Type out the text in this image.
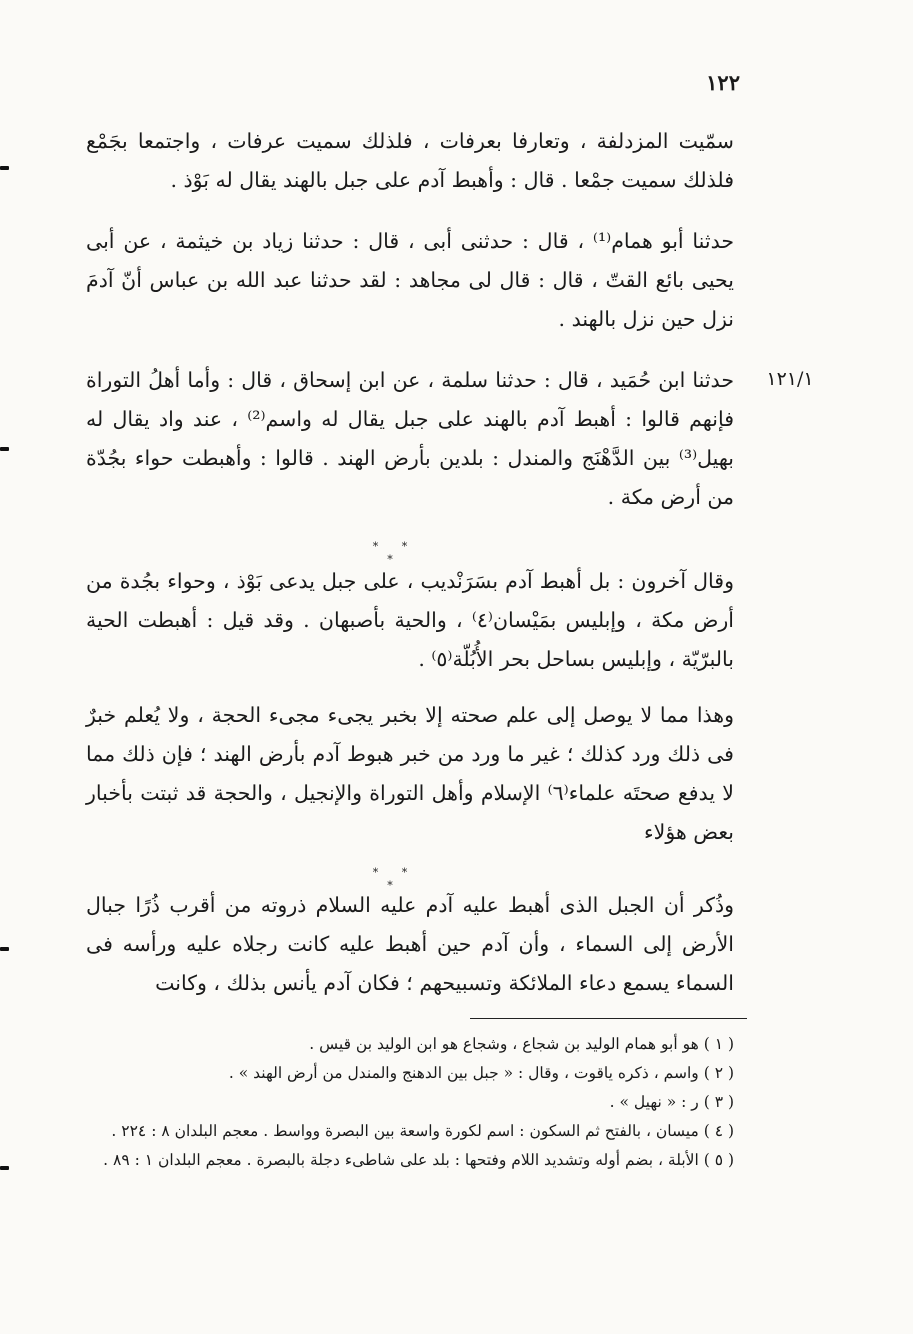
١٢٢
سمّيت المزدلفة ، وتعارفا بعرفات ، فلذلك سميت عرفات ، واجتمعا بجَمْع فلذلك سميت جمْعا . قال : وأهبط آدم على جبل بالهند يقال له بَوْذ .
حدثنا أبو همام⁽¹⁾ ، قال : حدثنى أبى ، قال : حدثنا زياد بن خيثمة ، عن أبى يحيى بائع القتّ ، قال : قال لى مجاهد : لقد حدثنا عبد الله بن عباس أنّ آدمَ نزل حين نزل بالهند .
١٢١/١
حدثنا ابن حُمَيد ، قال : حدثنا سلمة ، عن ابن إسحاق ، قال : وأما أهلُ التوراة فإنهم قالوا : أهبط آدم بالهند على جبل يقال له واسم⁽²⁾ ، عند واد يقال له بهيل⁽³⁾ بين الدَّهْنَج والمندل : بلدين بأرض الهند . قالوا : وأهبطت حواء بجُدّة من أرض مكة .
* * *
وقال آخرون : بل أهبط آدم بسَرَنْديب ، على جبل يدعى بَوْذ ، وحواء بجُدة من أرض مكة ، وإبليس بمَيْسان⁽٤⁾ ، والحية بأصبهان . وقد قيل : أهبطت الحية بالبرّيّة ، وإبليس بساحل بحر الأُبُلّة⁽٥⁾ .
وهذا مما لا يوصل إلى علم صحته إلا بخبر يجىء مجىء الحجة ، ولا يُعلم خبرٌ فى ذلك ورد كذلك ؛ غير ما ورد من خبر هبوط آدم بأرض الهند ؛ فإن ذلك مما لا يدفع صحتَه علماء⁽٦⁾ الإسلام وأهل التوراة والإنجيل ، والحجة قد ثبتت بأخبار بعض هؤلاء
* * *
وذُكر أن الجبل الذى أهبط عليه آدم عليه السلام ذروته من أقرب ذُرًا جبال الأرض إلى السماء ، وأن آدم حين أهبط عليه كانت رجلاه عليه ورأسه فى السماء يسمع دعاء الملائكة وتسبيحهم ؛ فكان آدم يأنس بذلك ، وكانت

( ١ ) هو أبو همام الوليد بن شجاع ، وشجاع هو ابن الوليد بن قيس .

( ٢ ) واسم ، ذكره ياقوت ، وقال : « جبل بين الدهنج والمندل من أرض الهند » .

( ٣ ) ر : « نهيل » .

( ٤ ) ميسان ، بالفتح ثم السكون : اسم لكورة واسعة بين البصرة وواسط . معجم البلدان ٨ : ٢٢٤ .

( ٥ ) الأبلة ، بضم أوله وتشديد اللام وفتحها : بلد على شاطىء دجلة بالبصرة . معجم البلدان ١ : ٨٩ .
